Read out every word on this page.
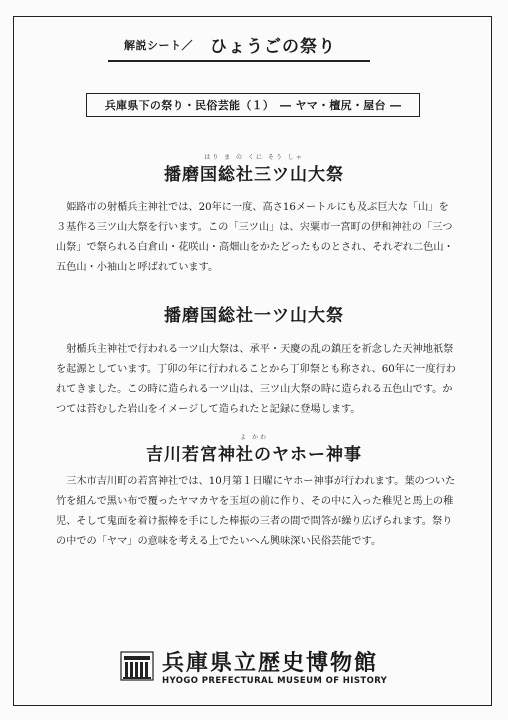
解説シート／ ひょうごの祭り
兵庫県下の祭り・民俗芸能（１）　― ヤマ・檀尻・屋台 ―
はり ま の くに そう しゃ
播磨国総社三ツ山大祭

姫路市の射楯兵主神社では、20年に一度、高さ16メートルにも及ぶ巨大な「山」を３基作る三ツ山大祭を行います。この「三ツ山」は、宍粟市一宮町の伊和神社の「三つ山祭」で祭られる白倉山・花咲山・高畑山をかたどったものとされ、それぞれ二色山・五色山・小袖山と呼ばれています。

播磨国総社一ツ山大祭

射楯兵主神社で行われる一ツ山大祭は、承平・天慶の乱の鎮圧を祈念した天神地祇祭を起源としています。丁卯の年に行われることから丁卯祭とも称され、60年に一度行われてきました。この時に造られる一ツ山は、三ツ山大祭の時に造られる五色山です。かつては苔むした岩山をイメージして造られたと記録に登場します。

よ かわ
吉川若宮神社のヤホー神事

三木市吉川町の若宮神社では、10月第１日曜にヤホー神事が行われます。葉のついた竹を組んで黒い布で覆ったヤマカヤを玉垣の前に作り、その中に入った稚児と馬上の稚児、そして鬼面を着け振棒を手にした棒振の三者の間で問答が繰り広げられます。祭りの中での「ヤマ」の意味を考える上でたいへん興味深い民俗芸能です。

兵庫県立歴史博物館
HYOGO PREFECTURAL MUSEUM OF HISTORY
